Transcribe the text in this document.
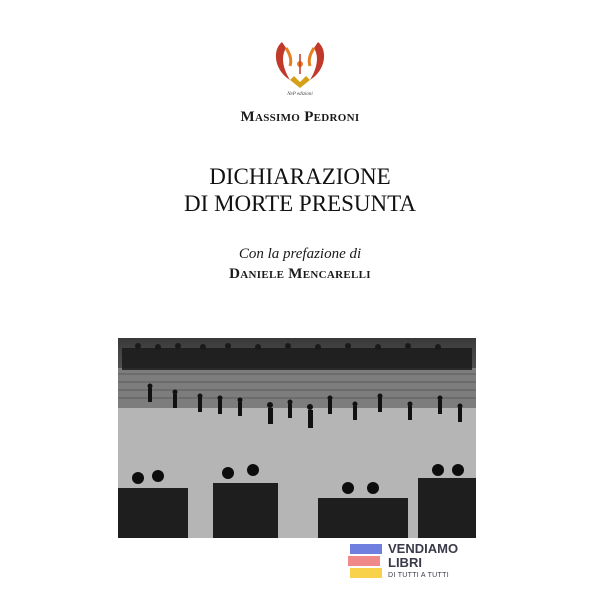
NeP edizioni
Massimo Pedroni
DICHIARAZIONE
DI MORTE PRESUNTA
Con la prefazione di
Daniele Mencarelli
VENDIAMO
LIBRI
DI TUTTI A TUTTI
